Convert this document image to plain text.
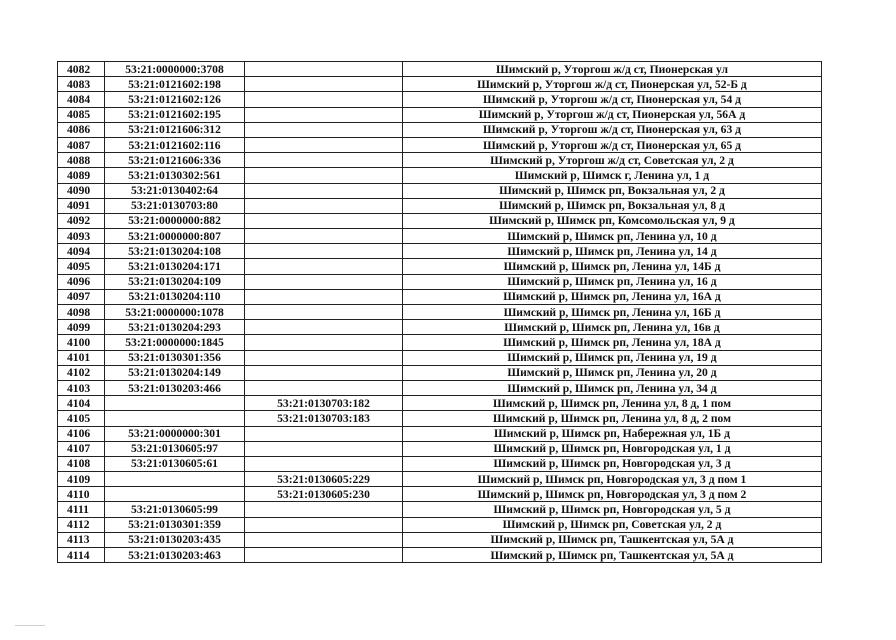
4082	53:21:0000000:3708		Шимский р, Уторгош ж/д ст, Пионерская ул
4083	53:21:0121602:198		Шимский р, Уторгош ж/д ст, Пионерская ул, 52-Б д
4084	53:21:0121602:126		Шимский р, Уторгош ж/д ст, Пионерская ул, 54 д
4085	53:21:0121602:195		Шимский р, Уторгош ж/д ст, Пионерская ул, 56А д
4086	53:21:0121606:312		Шимский р, Уторгош ж/д ст, Пионерская ул, 63 д
4087	53:21:0121602:116		Шимский р, Уторгош ж/д ст, Пионерская ул, 65 д
4088	53:21:0121606:336		Шимский р, Уторгош ж/д ст, Советская ул, 2 д
4089	53:21:0130302:561		Шимский р, Шимск г, Ленина ул, 1 д
4090	53:21:0130402:64		Шимский р, Шимск рп, Вокзальная ул, 2 д
4091	53:21:0130703:80		Шимский р, Шимск рп, Вокзальная ул, 8 д
4092	53:21:0000000:882		Шимский р, Шимск рп, Комсомольская ул, 9 д
4093	53:21:0000000:807		Шимский р, Шимск рп, Ленина ул, 10 д
4094	53:21:0130204:108		Шимский р, Шимск рп, Ленина ул, 14 д
4095	53:21:0130204:171		Шимский р, Шимск рп, Ленина ул, 14Б д
4096	53:21:0130204:109		Шимский р, Шимск рп, Ленина ул, 16 д
4097	53:21:0130204:110		Шимский р, Шимск рп, Ленина ул, 16А д
4098	53:21:0000000:1078		Шимский р, Шимск рп, Ленина ул, 16Б д
4099	53:21:0130204:293		Шимский р, Шимск рп, Ленина ул, 16в д
4100	53:21:0000000:1845		Шимский р, Шимск рп, Ленина ул, 18А д
4101	53:21:0130301:356		Шимский р, Шимск рп, Ленина ул, 19 д
4102	53:21:0130204:149		Шимский р, Шимск рп, Ленина ул, 20 д
4103	53:21:0130203:466		Шимский р, Шимск рп, Ленина ул, 34 д
4104		53:21:0130703:182	Шимский р, Шимск рп, Ленина ул, 8 д, 1 пом
4105		53:21:0130703:183	Шимский р, Шимск рп, Ленина ул, 8 д, 2 пом
4106	53:21:0000000:301		Шимский р, Шимск рп, Набережная ул, 1Б д
4107	53:21:0130605:97		Шимский р, Шимск рп, Новгородская ул, 1 д
4108	53:21:0130605:61		Шимский р, Шимск рп, Новгородская ул, 3 д
4109		53:21:0130605:229	Шимский р, Шимск рп, Новгородская ул, 3 д пом 1
4110		53:21:0130605:230	Шимский р, Шимск рп, Новгородская ул, 3 д пом 2
4111	53:21:0130605:99		Шимский р, Шимск рп, Новгородская ул, 5 д
4112	53:21:0130301:359		Шимский р, Шимск рп, Советская ул, 2 д
4113	53:21:0130203:435		Шимский р, Шимск рп, Ташкентская ул, 5А д
4114	53:21:0130203:463		Шимский р, Шимск рп, Ташкентская ул, 5А д
